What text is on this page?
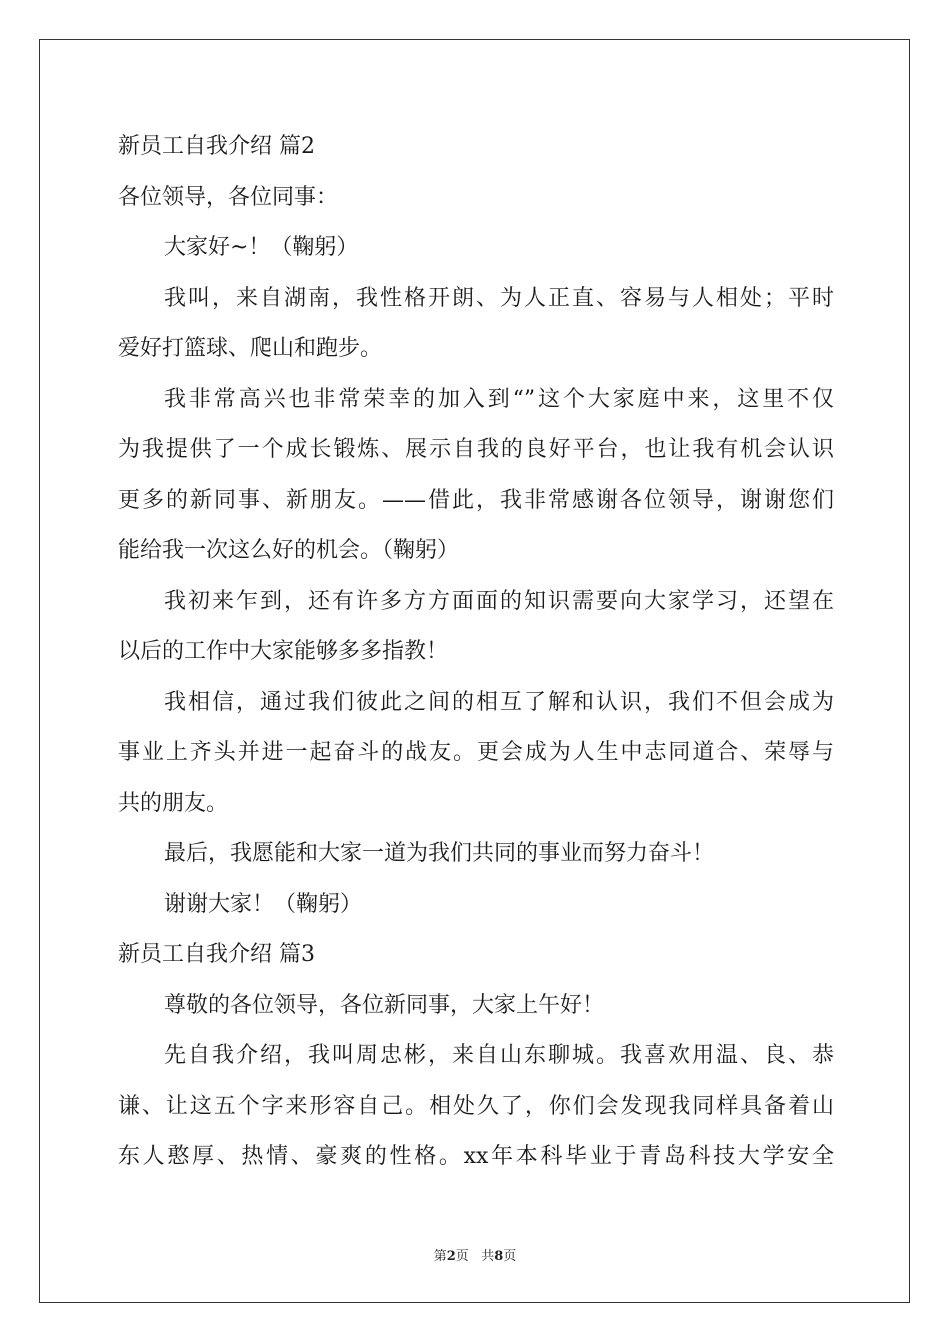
新员工自我介绍 篇2
各位领导，各位同事：
大家好~！（鞠躬）
我叫，来自湖南，我性格开朗、为人正直、容易与人相处；平时
爱好打篮球、爬山和跑步。
我非常高兴也非常荣幸的加入到“”这个大家庭中来，这里不仅
为我提供了一个成长锻炼、展示自我的良好平台，也让我有机会认识
更多的新同事、新朋友。——借此，我非常感谢各位领导，谢谢您们
能给我一次这么好的机会。（鞠躬）
我初来乍到，还有许多方方面面的知识需要向大家学习，还望在
以后的工作中大家能够多多指教！
我相信，通过我们彼此之间的相互了解和认识，我们不但会成为
事业上齐头并进一起奋斗的战友。更会成为人生中志同道合、荣辱与
共的朋友。
最后，我愿能和大家一道为我们共同的事业而努力奋斗！
谢谢大家！（鞠躬）
新员工自我介绍 篇3
尊敬的各位领导，各位新同事，大家上午好！
先自我介绍，我叫周忠彬，来自山东聊城。我喜欢用温、良、恭
谦、让这五个字来形容自己。相处久了，你们会发现我同样具备着山
东人憨厚、热情、豪爽的性格。xx年本科毕业于青岛科技大学安全
第2页 共8页
